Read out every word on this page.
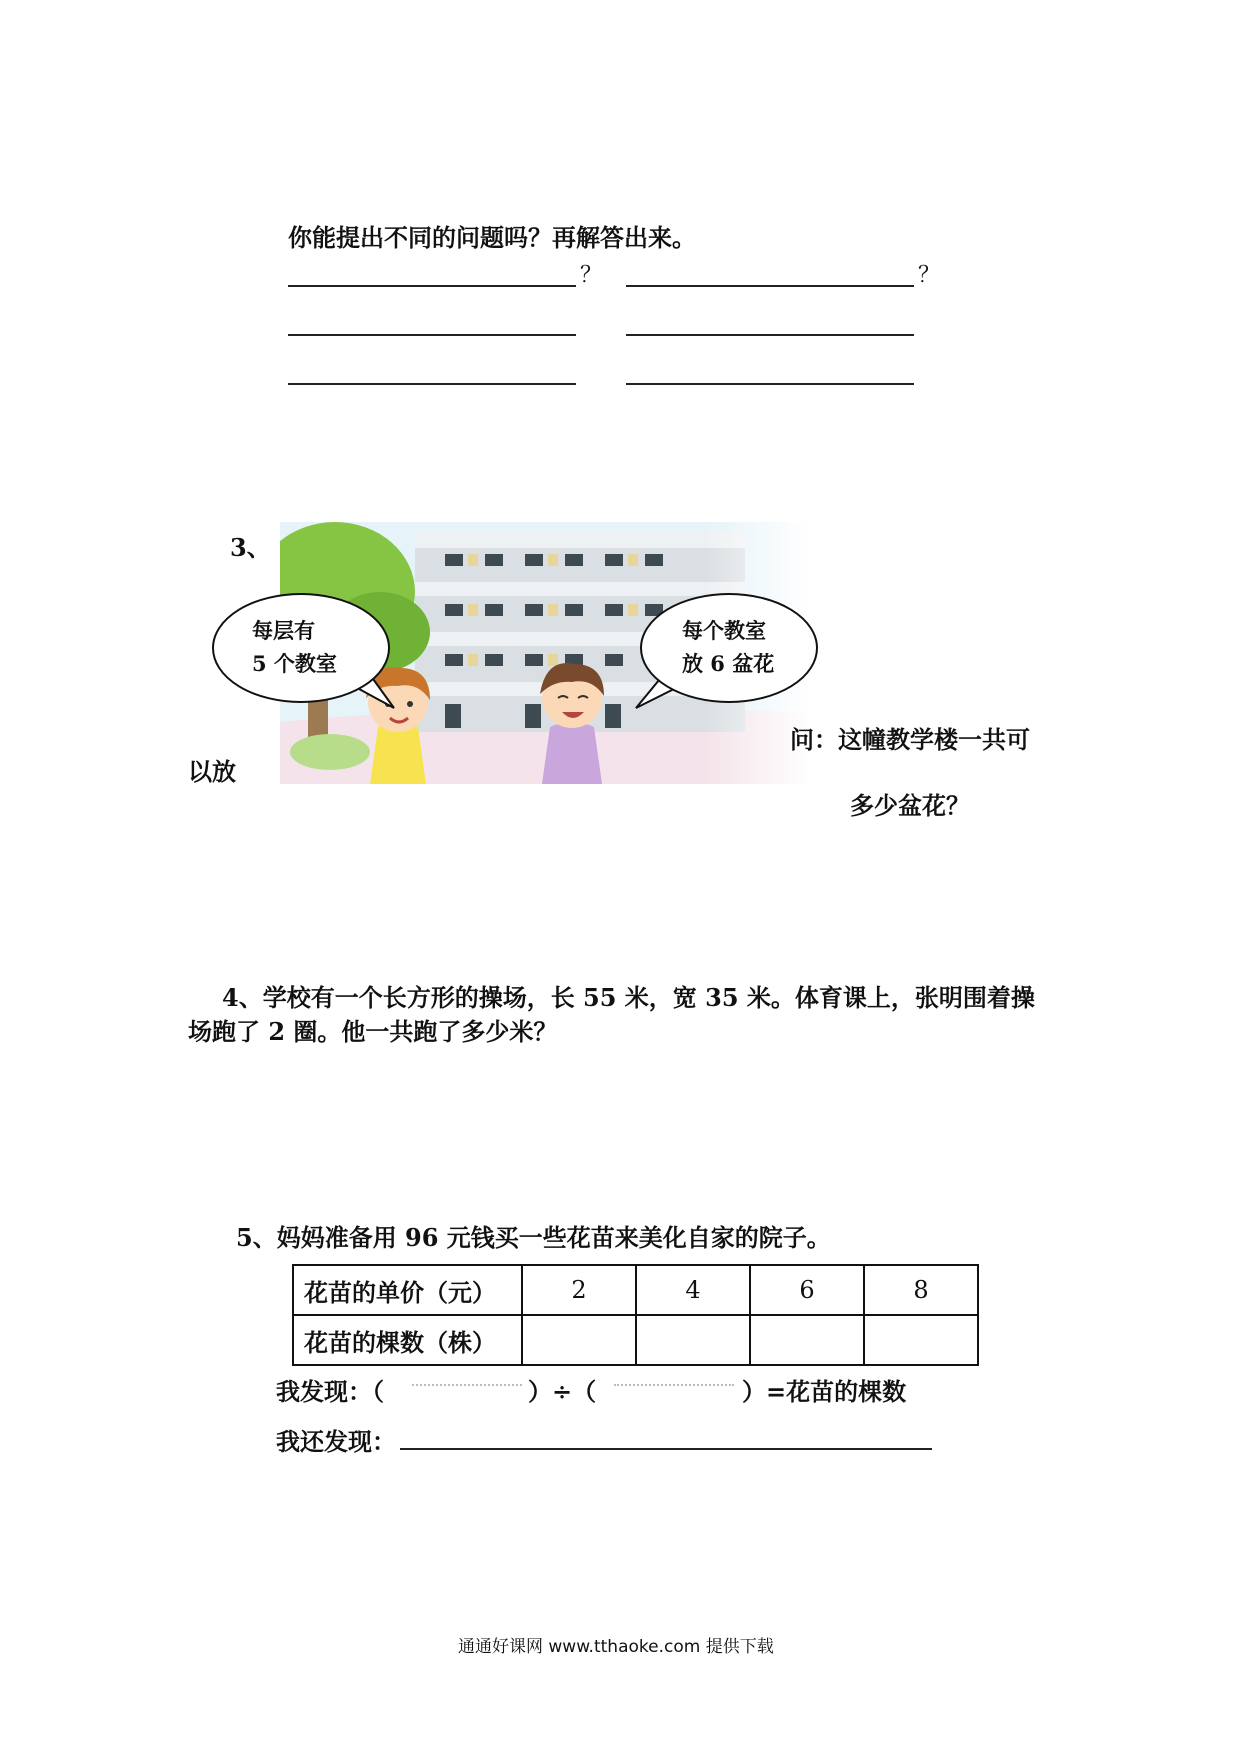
你能提出不同的问题吗？再解答出来。
？	？
3、
每层有
5 个教室
每个教室
放 6 盆花
问：这幢教学楼一共可
以放
多少盆花？
4、学校有一个长方形的操场，长 55 米，宽 35 米。体育课上，张明围着操
场跑了 2 圈。他一共跑了多少米？
5、妈妈准备用 96 元钱买一些花苗来美化自家的院子。
花苗的单价（元）	2	4	6	8
花苗的棵数（株）				
我发现：（	）÷（	）=花苗的棵数
我还发现：
通通好课网 www.tthaoke.com 提供下载
